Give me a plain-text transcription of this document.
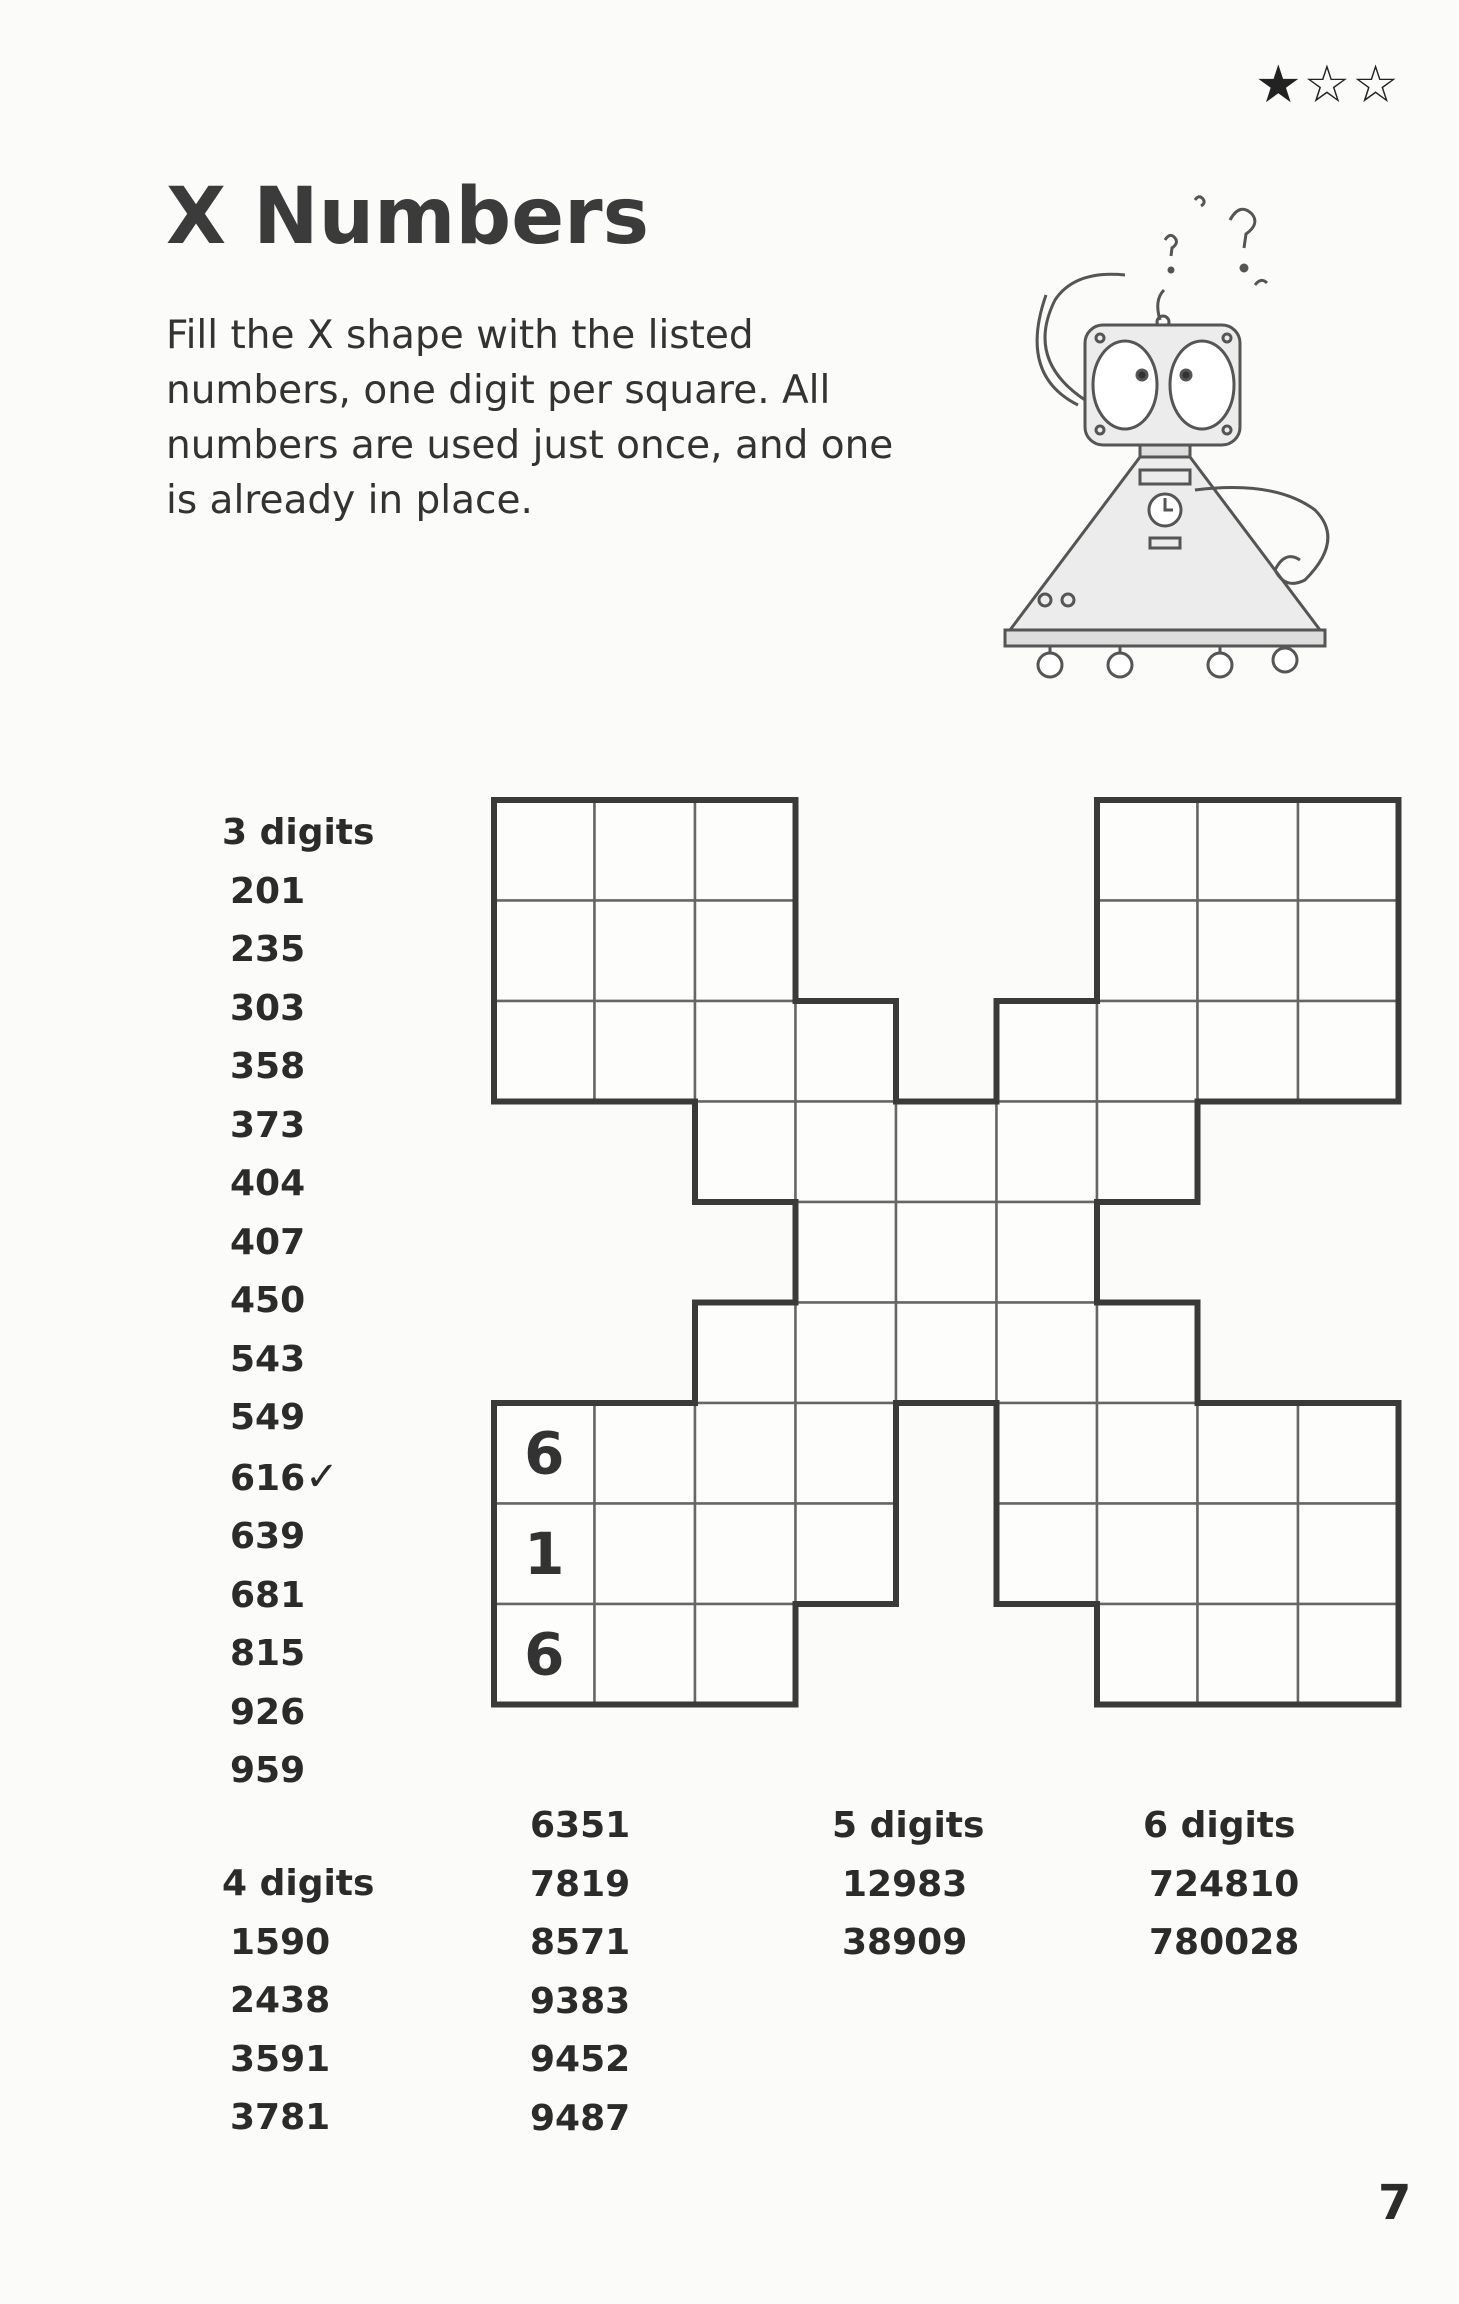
★☆☆
X Numbers
Fill the X shape with the listed numbers, one digit per square. All numbers are used just once, and one is already in place.
6
1
6
3 digits
201
235
303
358
373
404
407
450
543
549
616✓
639
681
815
926
959
4 digits
1590
2438
3591
3781
6351
7819
8571
9383
9452
9487
5 digits
12983
38909
6 digits
724810
780028
7
